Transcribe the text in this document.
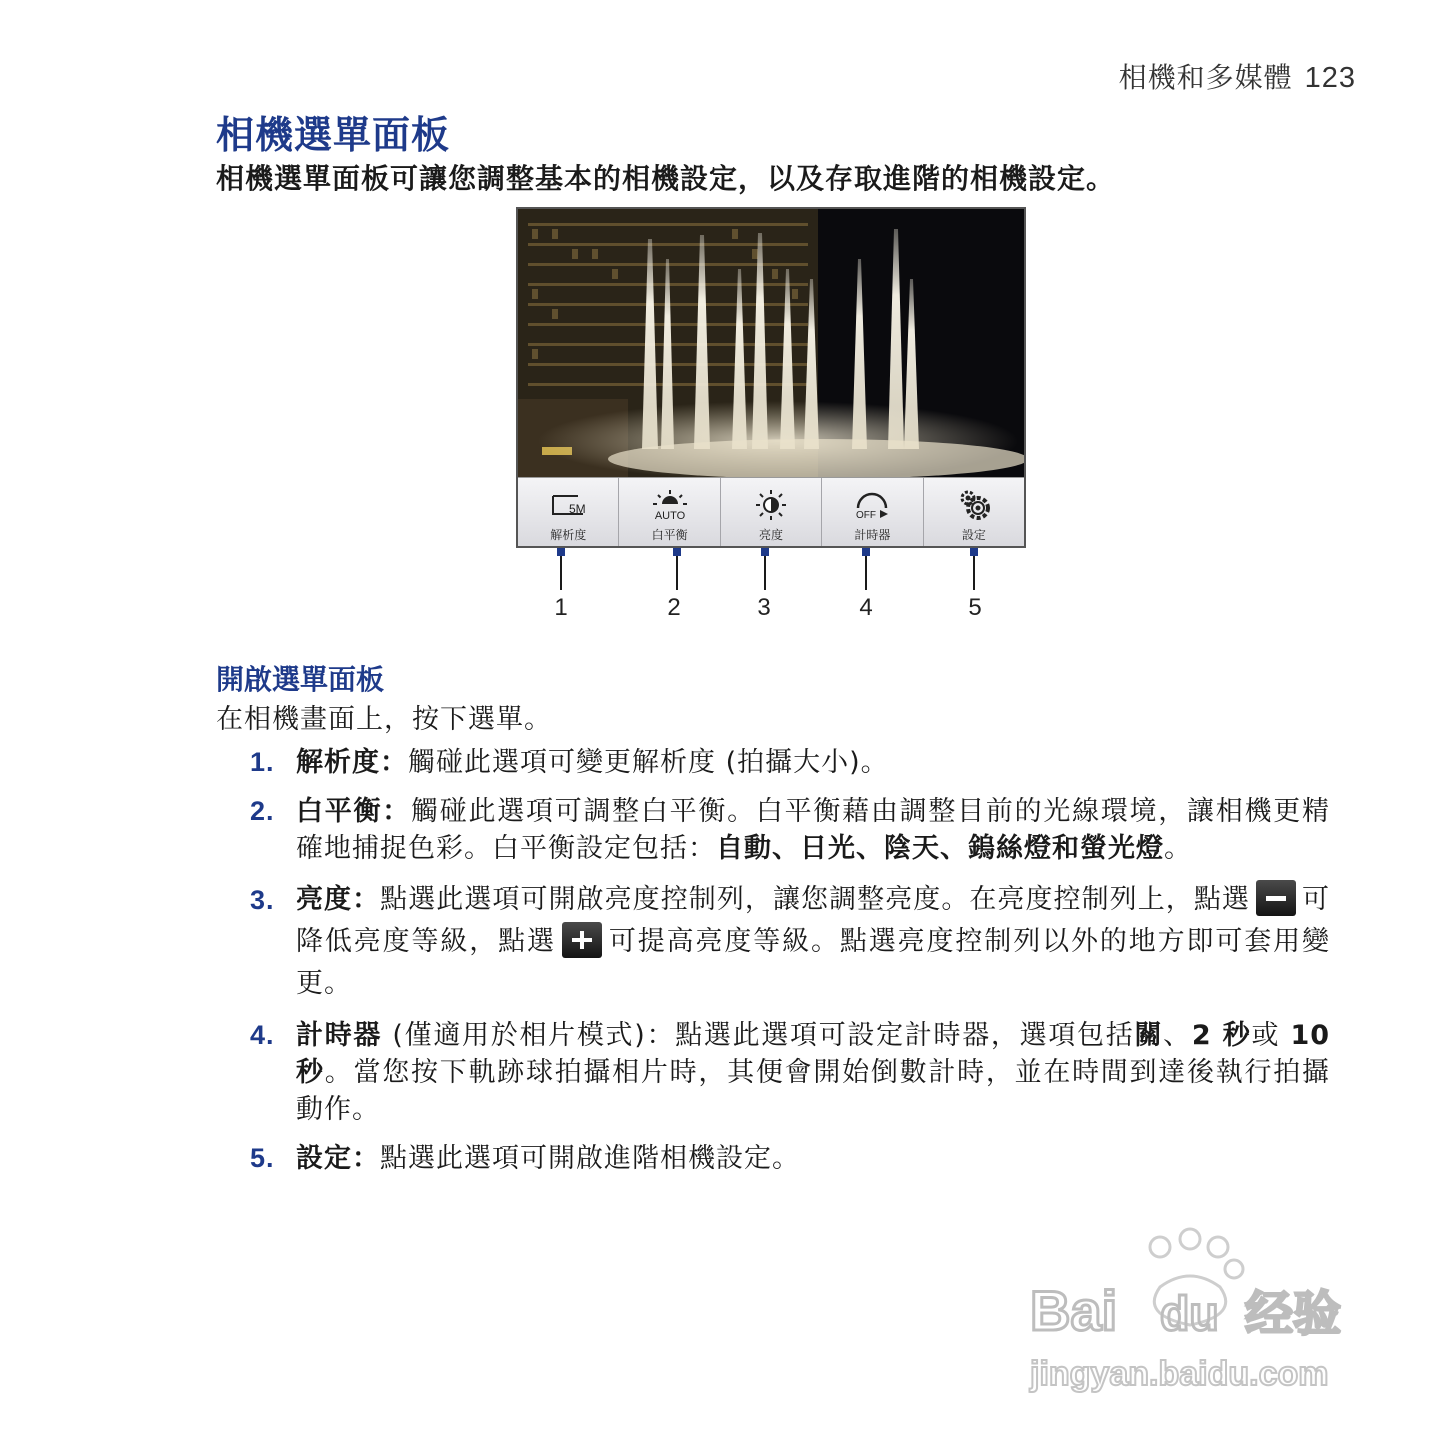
相機和多媒體 123
相機選單面板

相機選單面板可讓您調整基本的相機設定，以及存取進階的相機設定。

5M
解析度
AUTO
白平衡	亮度
OFF
計時器	設定
1	2	3	4	5
開啟選單面板

在相機畫面上，按下選單。

1. 解析度：觸碰此選項可變更解析度 (拍攝大小)。
2. 白平衡：觸碰此選項可調整白平衡。白平衡藉由調整目前的光線環境，讓相機更精確地捕捉色彩。白平衡設定包括：自動、日光、陰天、鎢絲燈和螢光燈。
3. 亮度：點選此選項可開啟亮度控制列，讓您調整亮度。在亮度控制列上，點選 可降低亮度等級，點選 可提高亮度等級。點選亮度控制列以外的地方即可套用變更。
4. 計時器 (僅適用於相片模式)：點選此選項可設定計時器，選項包括關、2 秒或 10 秒。當您按下軌跡球拍攝相片時，其便會開始倒數計時，並在時間到達後執行拍攝動作。
5. 設定：點選此選項可開啟進階相機設定。
Bai du 经验
jingyan.baidu.com
